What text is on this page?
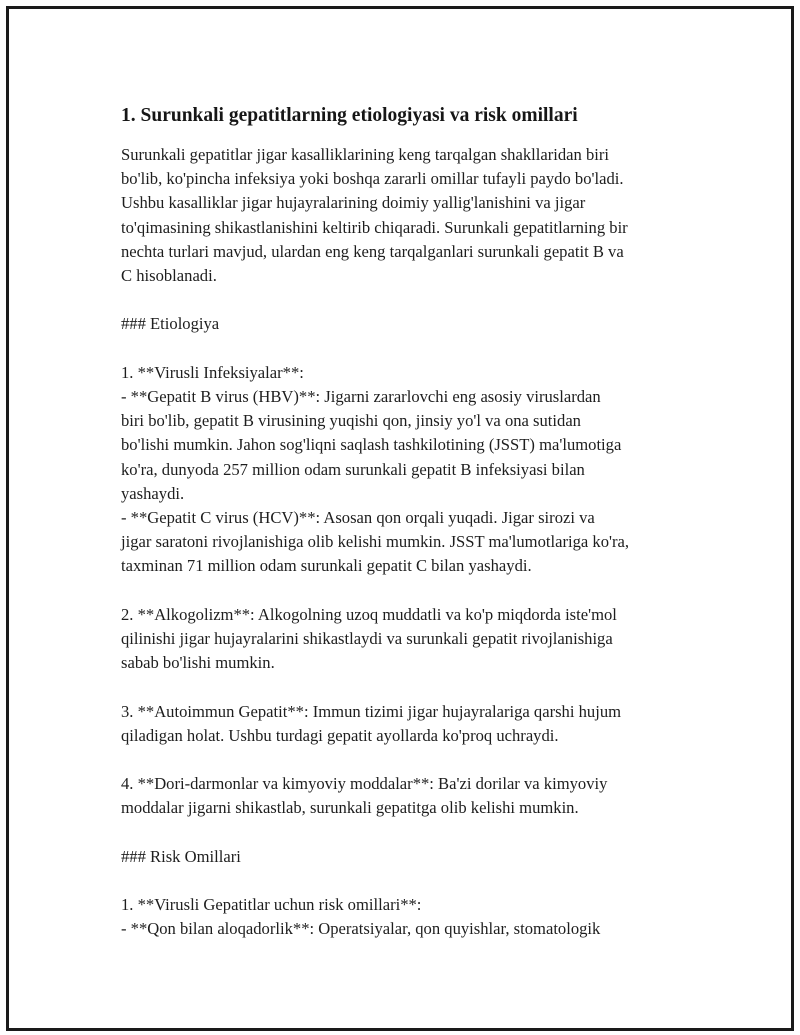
1. Surunkali gepatitlarning etiologiyasi va risk omillari

Surunkali gepatitlar jigar kasalliklarining keng tarqalgan shakllaridan biri
bo'lib, ko'pincha infeksiya yoki boshqa zararli omillar tufayli paydo bo'ladi.
Ushbu kasalliklar jigar hujayralarining doimiy yallig'lanishini va jigar
to'qimasining shikastlanishini keltirib chiqaradi. Surunkali gepatitlarning bir
nechta turlari mavjud, ulardan eng keng tarqalganlari surunkali gepatit B va
C hisoblanadi.

### Etiologiya

1. **Virusli Infeksiyalar**:

- **Gepatit B virus (HBV)**: Jigarni zararlovchi eng asosiy viruslardan
biri bo'lib, gepatit B virusining yuqishi qon, jinsiy yo'l va ona sutidan
bo'lishi mumkin. Jahon sog'liqni saqlash tashkilotining (JSST) ma'lumotiga
ko'ra, dunyoda 257 million odam surunkali gepatit B infeksiyasi bilan
yashaydi.

- **Gepatit C virus (HCV)**: Asosan qon orqali yuqadi. Jigar sirozi va
jigar saratoni rivojlanishiga olib kelishi mumkin. JSST ma'lumotlariga ko'ra,
taxminan 71 million odam surunkali gepatit C bilan yashaydi.

2. **Alkogolizm**: Alkogolning uzoq muddatli va ko'p miqdorda iste'mol
qilinishi jigar hujayralarini shikastlaydi va surunkali gepatit rivojlanishiga
sabab bo'lishi mumkin.

3. **Autoimmun Gepatit**: Immun tizimi jigar hujayralariga qarshi hujum
qiladigan holat. Ushbu turdagi gepatit ayollarda ko'proq uchraydi.

4. **Dori-darmonlar va kimyoviy moddalar**: Ba'zi dorilar va kimyoviy
moddalar jigarni shikastlab, surunkali gepatitga olib kelishi mumkin.

### Risk Omillari

1. **Virusli Gepatitlar uchun risk omillari**:

- **Qon bilan aloqadorlik**: Operatsiyalar, qon quyishlar, stomatologik
